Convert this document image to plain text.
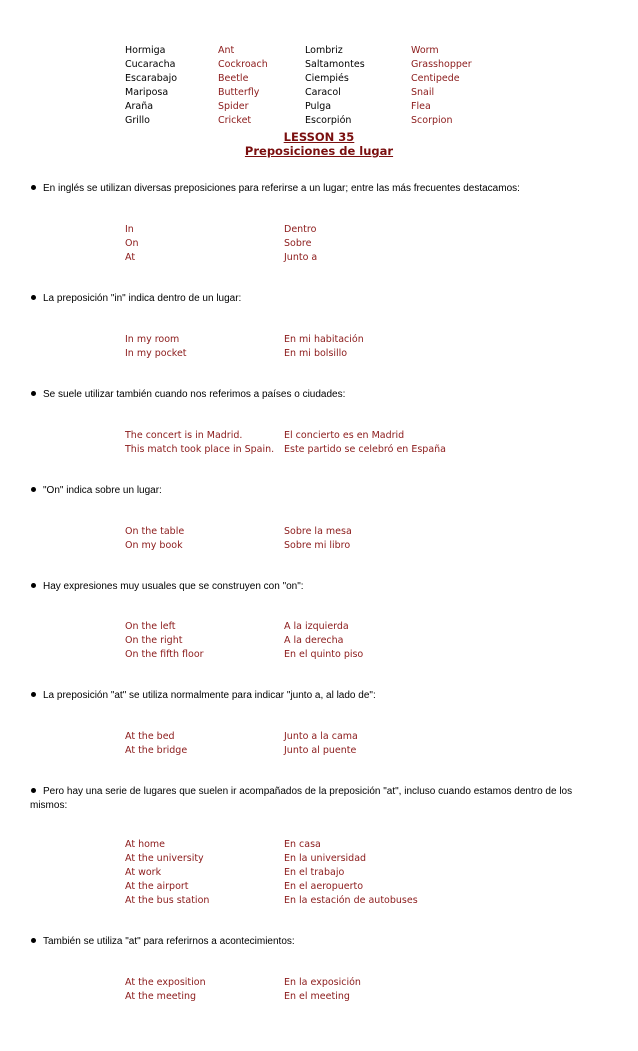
Hormiga	Ant	Lombriz	Worm
Cucaracha	Cockroach	Saltamontes	Grasshopper
Escarabajo	Beetle	Ciempiés	Centipede
Mariposa	Butterfly	Caracol	Snail
Araña	Spider	Pulga	Flea
Grillo	Cricket	Escorpión	Scorpion
LESSON 35
Preposiciones de lugar
En inglés se utilizan diversas preposiciones para referirse a un lugar; entre las más frecuentes destacamos:
In	Dentro
On	Sobre
At	Junto a
La preposición "in" indica dentro de un lugar:
In my room	En mi habitación
In my pocket	En mi bolsillo
Se suele utilizar también cuando nos referimos a países o ciudades:
The concert is in Madrid.	El concierto es en Madrid
This match took place in Spain.	Este partido se celebró en España
"On" indica sobre un lugar:
On the table	Sobre la mesa
On my book	Sobre mi libro
Hay expresiones muy usuales que se construyen con "on":
On the left	A la izquierda
On the right	A la derecha
On the fifth floor	En el quinto piso
La preposición "at" se utiliza normalmente para indicar "junto a, al lado de":
At the bed	Junto a la cama
At the bridge	Junto al puente
Pero hay una serie de lugares que suelen ir acompañados de la preposición "at", incluso cuando estamos dentro de los mismos:
At home	En casa
At the university	En la universidad
At work	En el trabajo
At the airport	En el aeropuerto
At the bus station	En la estación de autobuses
También se utiliza "at" para referirnos a acontecimientos:
At the exposition	En la exposición
At the meeting	En el meeting
